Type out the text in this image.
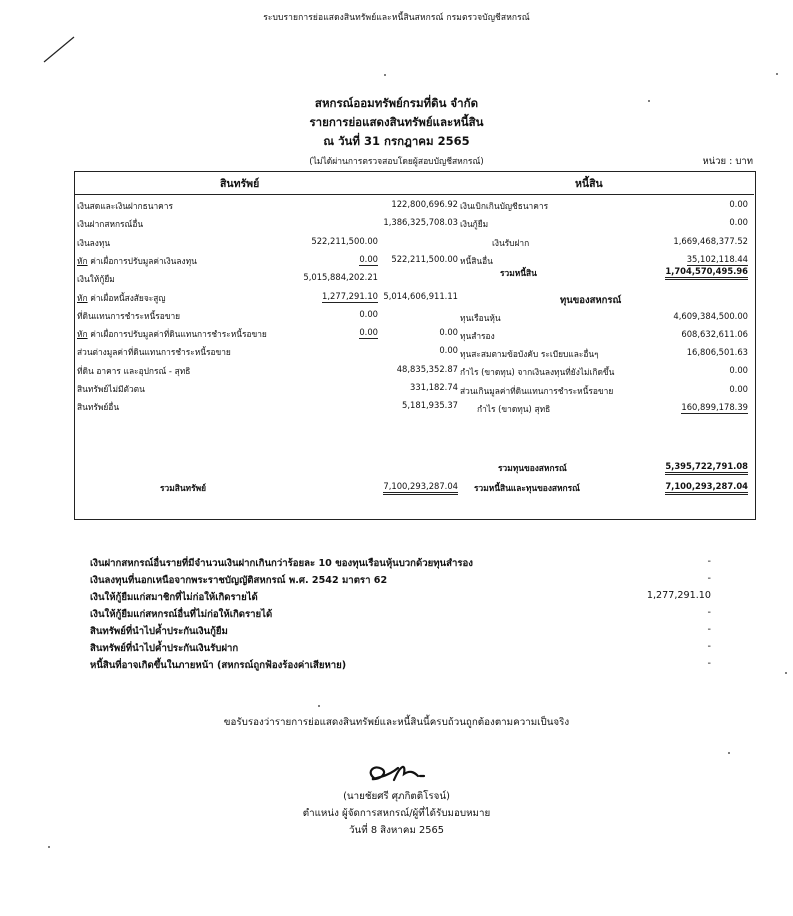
ระบบรายการย่อแสดงสินทรัพย์และหนี้สินสหกรณ์ กรมตรวจบัญชีสหกรณ์
สหกรณ์ออมทรัพย์กรมที่ดิน จำกัด
รายการย่อแสดงสินทรัพย์และหนี้สิน
ณ วันที่ 31 กรกฎาคม 2565
(ไม่ได้ผ่านการตรวจสอบโดยผู้สอบบัญชีสหกรณ์)	หน่วย : บาท
สินทรัพย์	หนี้สิน
เงินสดและเงินฝากธนาคาร	122,800,696.92
เงินฝากสหกรณ์อื่น	1,386,325,708.03
เงินลงทุน	522,211,500.00
หัก ค่าเผื่อการปรับมูลค่าเงินลงทุน	0.00	522,211,500.00
เงินให้กู้ยืม	5,015,884,202.21
หัก ค่าเผื่อหนี้สงสัยจะสูญ	1,277,291.10 5,014,606,911.11
ที่ดินแทนการชำระหนี้รอขาย	0.00
หัก ค่าเผื่อการปรับมูลค่าที่ดินแทนการชำระหนี้รอขาย	0.00	0.00
ส่วนต่างมูลค่าที่ดินแทนการชำระหนี้รอขาย	0.00
ที่ดิน อาคาร และอุปกรณ์ - สุทธิ	48,835,352.87
สินทรัพย์ไม่มีตัวตน	331,182.74
สินทรัพย์อื่น	5,181,935.37
รวมสินทรัพย์	7,100,293,287.04
เงินเบิกเกินบัญชีธนาคาร	0.00
เงินกู้ยืม	0.00
เงินรับฝาก	1,669,468,377.52
หนี้สินอื่น	35,102,118.44
รวมหนี้สิน	1,704,570,495.96
ทุนของสหกรณ์
ทุนเรือนหุ้น	4,609,384,500.00
ทุนสำรอง	608,632,611.06
ทุนสะสมตามข้อบังคับ ระเบียบและอื่นๆ	16,806,501.63
กำไร (ขาดทุน) จากเงินลงทุนที่ยังไม่เกิดขึ้น	0.00
ส่วนเกินมูลค่าที่ดินแทนการชำระหนี้รอขาย	0.00
กำไร (ขาดทุน) สุทธิ	160,899,178.39
รวมทุนของสหกรณ์	5,395,722,791.08
รวมหนี้สินและทุนของสหกรณ์	7,100,293,287.04
เงินฝากสหกรณ์อื่นรายที่มีจำนวนเงินฝากเกินกว่าร้อยละ 10 ของทุนเรือนหุ้นบวกด้วยทุนสำรอง	-
เงินลงทุนที่นอกเหนือจากพระราชบัญญัติสหกรณ์ พ.ศ. 2542 มาตรา 62	-
เงินให้กู้ยืมแก่สมาชิกที่ไม่ก่อให้เกิดรายได้	1,277,291.10
เงินให้กู้ยืมแก่สหกรณ์อื่นที่ไม่ก่อให้เกิดรายได้	-
สินทรัพย์ที่นำไปค้ำประกันเงินกู้ยืม	-
สินทรัพย์ที่นำไปค้ำประกันเงินรับฝาก	-
หนี้สินที่อาจเกิดขึ้นในภายหน้า (สหกรณ์ถูกฟ้องร้องค่าเสียหาย)	-
ขอรับรองว่ารายการย่อแสดงสินทรัพย์และหนี้สินนี้ครบถ้วนถูกต้องตามความเป็นจริง
(นายชัยศรี ศุภกิตติโรจน์)
ตำแหน่ง ผู้จัดการสหกรณ์/ผู้ที่ได้รับมอบหมาย
วันที่ 8 สิงหาคม 2565
